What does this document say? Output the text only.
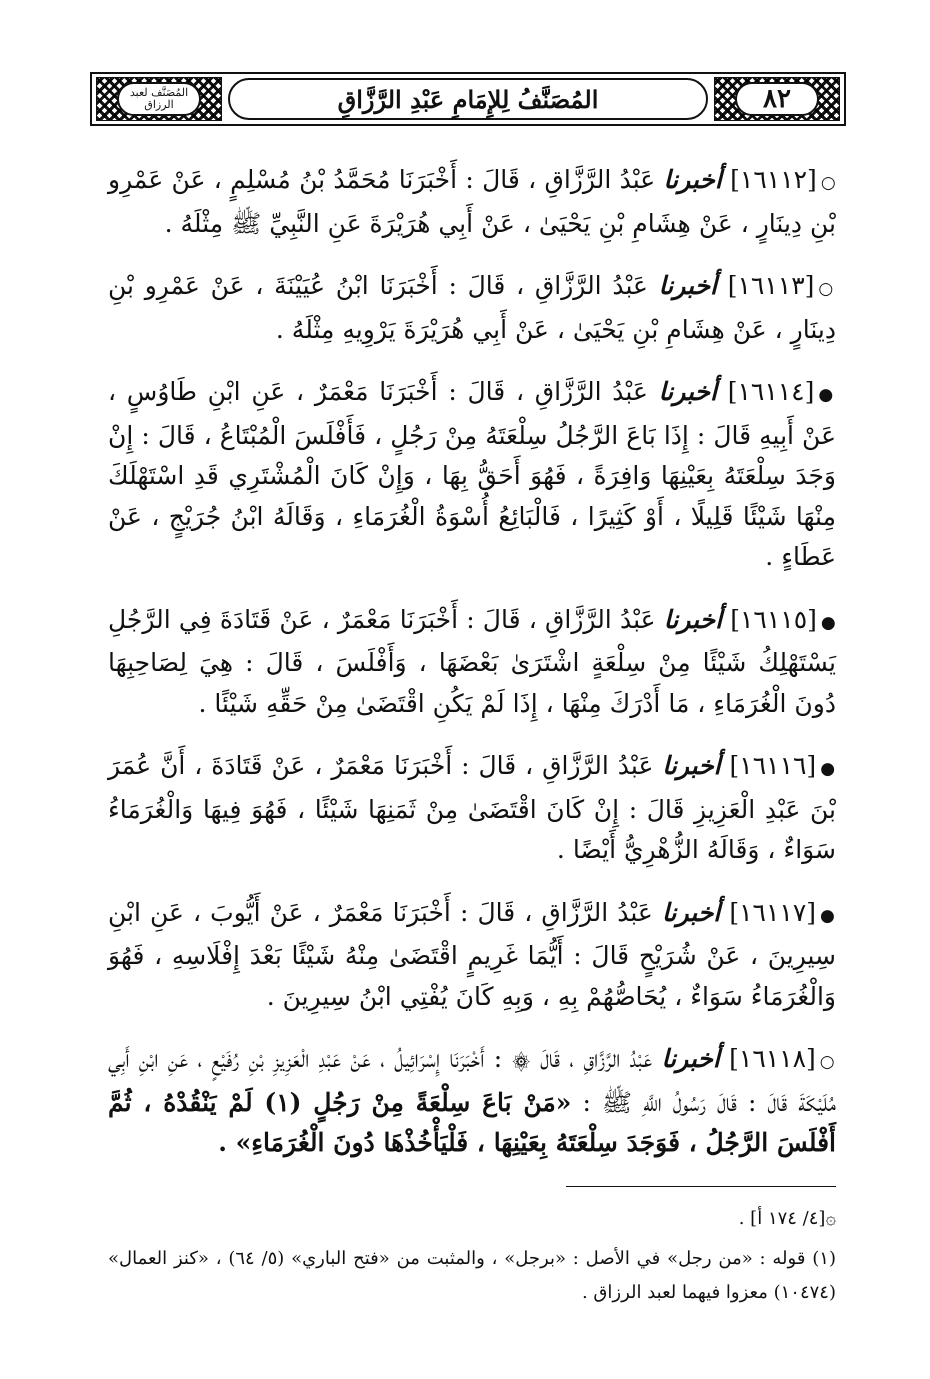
المُصَنَّف لعبد الرزاق	المُصَنَّفُ لِلإِمَامِ عَبْدِ الرَّزَّاقِ	٨٢

○[١٦١١٢] أخبرنا عَبْدُ الرَّزَّاقِ ، قَالَ : أَخْبَرَنَا مُحَمَّدُ بْنُ مُسْلِمٍ ، عَنْ عَمْرِو بْنِ دِينَارٍ ، عَنْ هِشَامِ بْنِ يَحْيَىٰ ، عَنْ أَبِي هُرَيْرَةَ عَنِ النَّبِيِّ ﷺ مِثْلَهُ .

○[١٦١١٣] أخبرنا عَبْدُ الرَّزَّاقِ ، قَالَ : أَخْبَرَنَا ابْنُ عُيَيْنَةَ ، عَنْ عَمْرِو بْنِ دِينَارٍ ، عَنْ هِشَامِ بْنِ يَحْيَىٰ ، عَنْ أَبِي هُرَيْرَةَ يَرْوِيهِ مِثْلَهُ .

●[١٦١١٤] أخبرنا عَبْدُ الرَّزَّاقِ ، قَالَ : أَخْبَرَنَا مَعْمَرٌ ، عَنِ ابْنِ طَاوُسٍ ، عَنْ أَبِيهِ قَالَ : إِذَا بَاعَ الرَّجُلُ سِلْعَتَهُ مِنْ رَجُلٍ ، فَأَفْلَسَ الْمُبْتَاعُ ، قَالَ : إِنْ وَجَدَ سِلْعَتَهُ بِعَيْنِهَا وَافِرَةً ، فَهُوَ أَحَقُّ بِهَا ، وَإِنْ كَانَ الْمُشْتَرِي قَدِ اسْتَهْلَكَ مِنْهَا شَيْئًا قَلِيلًا ، أَوْ كَثِيرًا ، فَالْبَائِعُ أُسْوَةُ الْغُرَمَاءِ ، وَقَالَهُ ابْنُ جُرَيْجٍ ، عَنْ عَطَاءٍ .

●[١٦١١٥] أخبرنا عَبْدُ الرَّزَّاقِ ، قَالَ : أَخْبَرَنَا مَعْمَرٌ ، عَنْ قَتَادَةَ فِي الرَّجُلِ يَسْتَهْلِكُ شَيْئًا مِنْ سِلْعَةٍ اشْتَرَىٰ بَعْضَهَا ، وَأَفْلَسَ ، قَالَ : هِيَ لِصَاحِبِهَا دُونَ الْغُرَمَاءِ ، مَا أَدْرَكَ مِنْهَا ، إِذَا لَمْ يَكُنِ اقْتَضَىٰ مِنْ حَقِّهِ شَيْئًا .

●[١٦١١٦] أخبرنا عَبْدُ الرَّزَّاقِ ، قَالَ : أَخْبَرَنَا مَعْمَرٌ ، عَنْ قَتَادَةَ ، أَنَّ عُمَرَ بْنَ عَبْدِ الْعَزِيزِ قَالَ : إِنْ كَانَ اقْتَضَىٰ مِنْ ثَمَنِهَا شَيْئًا ، فَهُوَ فِيهَا وَالْغُرَمَاءُ سَوَاءٌ ، وَقَالَهُ الزُّهْرِيُّ أَيْضًا .

●[١٦١١٧] أخبرنا عَبْدُ الرَّزَّاقِ ، قَالَ : أَخْبَرَنَا مَعْمَرٌ ، عَنْ أَيُّوبَ ، عَنِ ابْنِ سِيرِينَ ، عَنْ شُرَيْحٍ قَالَ : أَيُّمَا غَرِيمٍ اقْتَضَىٰ مِنْهُ شَيْئًا بَعْدَ إِفْلَاسِهِ ، فَهُوَ وَالْغُرَمَاءُ سَوَاءٌ ، يُحَاصُّهُمْ بِهِ ، وَبِهِ كَانَ يُفْتِي ابْنُ سِيرِينَ .

○[١٦١١٨] أخبرنا عَبْدُ الرَّزَّاقِ ، قَالَ ۞ : أَخْبَرَنَا إِسْرَائِيلُ ، عَنْ عَبْدِ الْعَزِيزِ بْنِ رُفَيْعٍ ، عَنِ ابْنِ أَبِي مُلَيْكَةَ قَالَ : قَالَ رَسُولُ اللَّهِ ﷺ : «مَنْ بَاعَ سِلْعَةً مِنْ رَجُلٍ (١) لَمْ يَنْقُدْهُ ، ثُمَّ أَفْلَسَ الرَّجُلُ ، فَوَجَدَ سِلْعَتَهُ بِعَيْنِهَا ، فَلْيَأْخُذْهَا دُونَ الْغُرَمَاءِ» .

۞[٤/ ١٧٤ أ] .

(١) قوله : «من رجل» في الأصل : «برجل» ، والمثبت من «فتح الباري» (٥/ ٦٤) ، «كنز العمال» (١٠٤٧٤) معزوا فيهما لعبد الرزاق .
